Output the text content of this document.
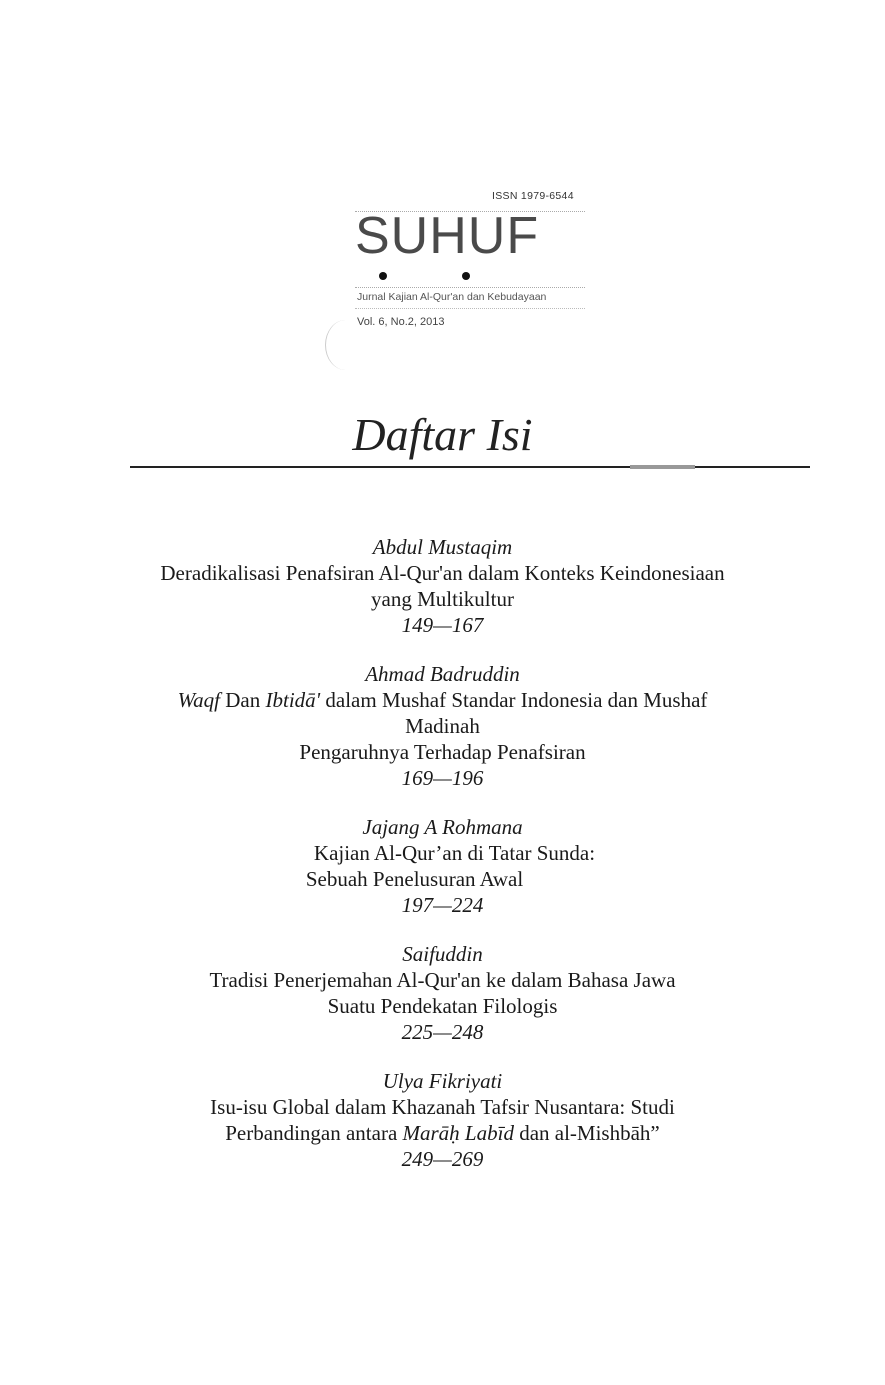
ISSN 1979-6544
SUHUF
Jurnal Kajian Al-Qur'an dan Kebudayaan
Vol. 6, No.2, 2013
Daftar Isi
Abdul Mustaqim
Deradikalisasi Penafsiran Al-Qur'an dalam Konteks Keindonesiaan
yang Multikultur
149—167
Ahmad Badruddin
Waqf Dan Ibtidā' dalam Mushaf Standar Indonesia dan Mushaf
Madinah
Pengaruhnya Terhadap Penafsiran
169—196
Jajang A Rohmana
Kajian Al-Qur’an di Tatar Sunda:
Sebuah Penelusuran Awal
197—224
Saifuddin
Tradisi Penerjemahan Al-Qur'an ke dalam Bahasa Jawa
Suatu Pendekatan Filologis
225—248
Ulya Fikriyati
Isu-isu Global dalam Khazanah Tafsir Nusantara: Studi
Perbandingan antara Marāḥ Labīd dan al-Mishbāh”
249—269
